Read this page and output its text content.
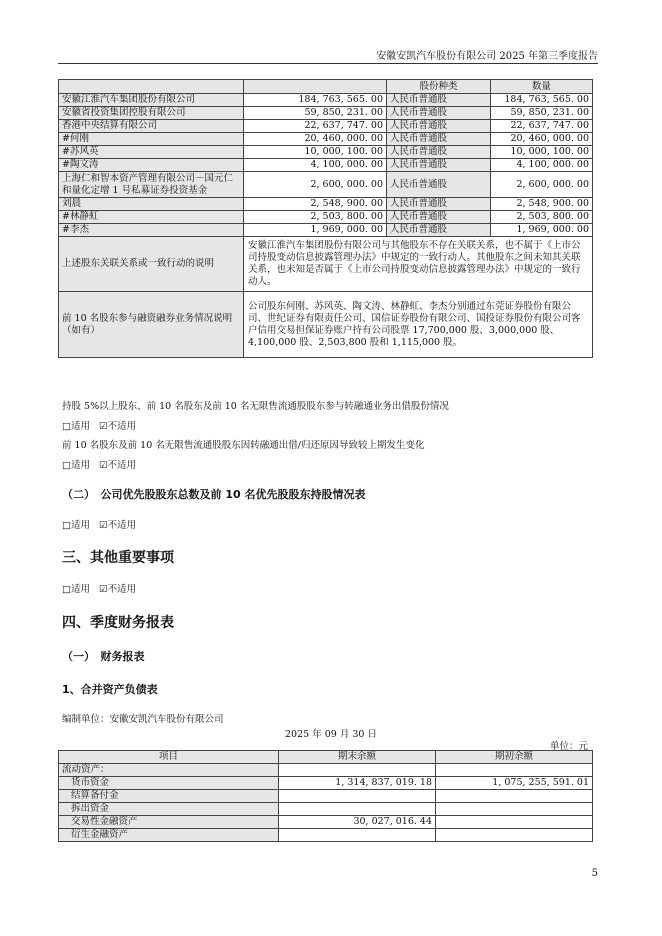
安徽安凯汽车股份有限公司 2025 年第三季度报告
		股份种类	数量
安徽江淮汽车集团股份有限公司	184, 763, 565. 00	人民币普通股	184, 763, 565. 00
安徽省投资集团控股有限公司	59, 850, 231. 00	人民币普通股	59, 850, 231. 00
香港中央结算有限公司	22, 637, 747. 00	人民币普通股	22, 637, 747. 00
#何刚	20, 460, 000. 00	人民币普通股	20, 460, 000. 00
#苏风英	10, 000, 100. 00	人民币普通股	10, 000, 100. 00
#陶文涛	4, 100, 000. 00	人民币普通股	4, 100, 000. 00
上海仁和智本资产管理有限公司－国元仁和量化定增 1 号私募证券投资基金	2, 600, 000. 00	人民币普通股	2, 600, 000. 00
刘晨	2, 548, 900. 00	人民币普通股	2, 548, 900. 00
#林静虹	2, 503, 800. 00	人民币普通股	2, 503, 800. 00
#李杰	1, 969, 000. 00	人民币普通股	1, 969, 000. 00
上述股东关联关系或一致行动的说明	安徽江淮汽车集团股份有限公司与其他股东不存在关联关系，也不属于《上市公司持股变动信息披露管理办法》中规定的一致行动人。其他股东之间未知其关联关系，也未知是否属于《上市公司持股变动信息披露管理办法》中规定的一致行动人。		
前 10 名股东参与融资融券业务情况说明（如有）	公司股东何刚、苏风英、陶文涛、林静虹、李杰分别通过东莞证券股份有限公司、世纪证券有限责任公司、国信证券股份有限公司、国投证券股份有限公司客户信用交易担保证券账户持有公司股票 17,700,000 股、3,000,000 股、4,100,000 股、2,503,800 股和 1,115,000 股。		
持股 5%以上股东、前 10 名股东及前 10 名无限售流通股股东参与转融通业务出借股份情况
□适用 ☑不适用
前 10 名股东及前 10 名无限售流通股股东因转融通出借/归还原因导致较上期发生变化
□适用 ☑不适用
（二）　公司优先股股东总数及前 10 名优先股股东持股情况表
□适用 ☑不适用
三、其他重要事项
□适用 ☑不适用
四、季度财务报表
（一）　财务报表
1、合并资产负债表
编制单位：安徽安凯汽车股份有限公司
2025 年 09 月 30 日
单位：元
项目	期末余额	期初余额
流动资产：		
货币资金	1, 314, 837, 019. 18	1, 075, 255, 591. 01
结算备付金		
拆出资金		
交易性金融资产	30, 027, 016. 44	
衍生金融资产		
5
